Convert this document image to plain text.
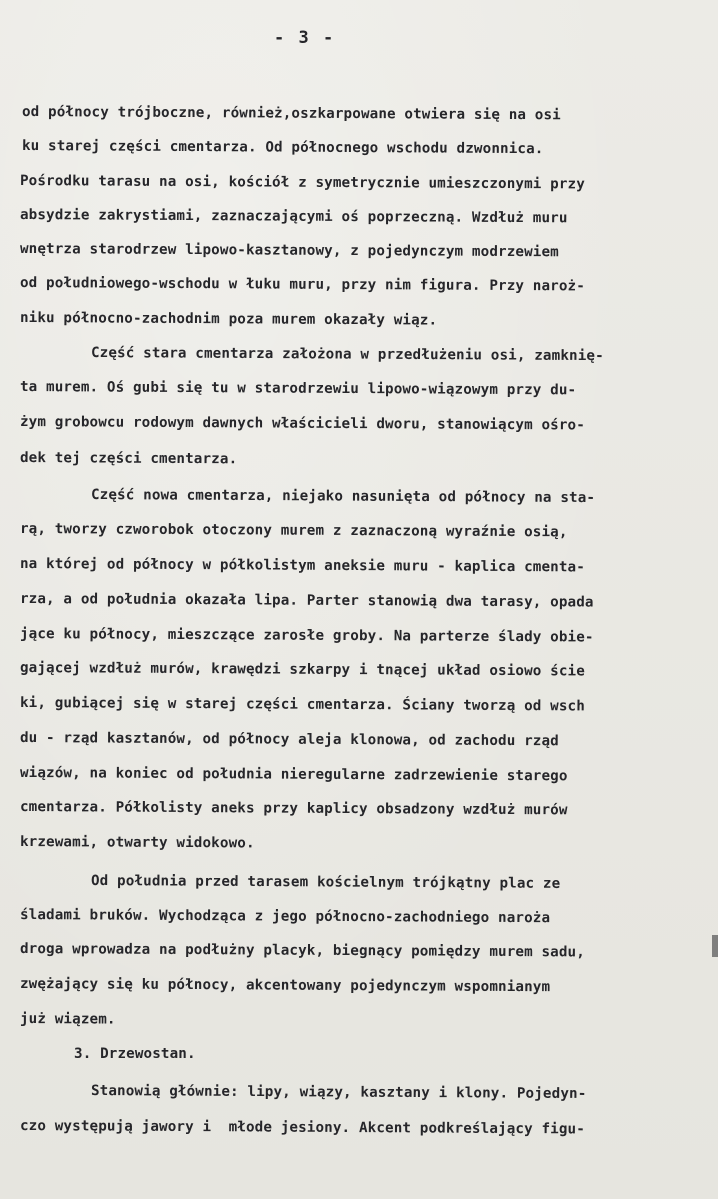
- 3 -
od północy trójboczne, również,oszkarpowane otwiera się na osi
ku starej części cmentarza. Od północnego wschodu dzwonnica.
Pośrodku tarasu na osi, kościół z symetrycznie umieszczonymi przy
absydzie zakrystiami, zaznaczającymi oś poprzeczną. Wzdłuż muru
wnętrza starodrzew lipowo-kasztanowy, z pojedynczym modrzewiem
od południowego-wschodu w łuku muru, przy nim figura. Przy naroż-
niku północno-zachodnim poza murem okazały wiąz.
Część stara cmentarza założona w przedłużeniu osi, zamknię-
ta murem. Oś gubi się tu w starodrzewiu lipowo-wiązowym przy du-
żym grobowcu rodowym dawnych właścicieli dworu, stanowiącym ośro-
dek tej części cmentarza.
Część nowa cmentarza, niejako nasunięta od północy na sta-
rą, tworzy czworobok otoczony murem z zaznaczoną wyraźnie osią,
na której od północy w półkolistym aneksie muru - kaplica cmenta-
rza, a od południa okazała lipa. Parter stanowią dwa tarasy, opada
jące ku północy, mieszczące zarosłe groby. Na parterze ślady obie-
gającej wzdłuż murów, krawędzi szkarpy i tnącej układ osiowo ście
ki, gubiącej się w starej części cmentarza. Ściany tworzą od wsch
du - rząd kasztanów, od północy aleja klonowa, od zachodu rząd
wiązów, na koniec od południa nieregularne zadrzewienie starego
cmentarza. Półkolisty aneks przy kaplicy obsadzony wzdłuż murów
krzewami, otwarty widokowo.
Od południa przed tarasem kościelnym trójkątny plac ze
śladami bruków. Wychodząca z jego północno-zachodniego naroża
droga wprowadza na podłużny placyk, biegnący pomiędzy murem sadu,
zwężający się ku północy, akcentowany pojedynczym wspomnianym
już wiązem.
3. Drzewostan.
Stanowią głównie: lipy, wiązy, kasztany i klony. Pojedyn-
czo występują jawory i  młode jesiony. Akcent podkreślający figu-
